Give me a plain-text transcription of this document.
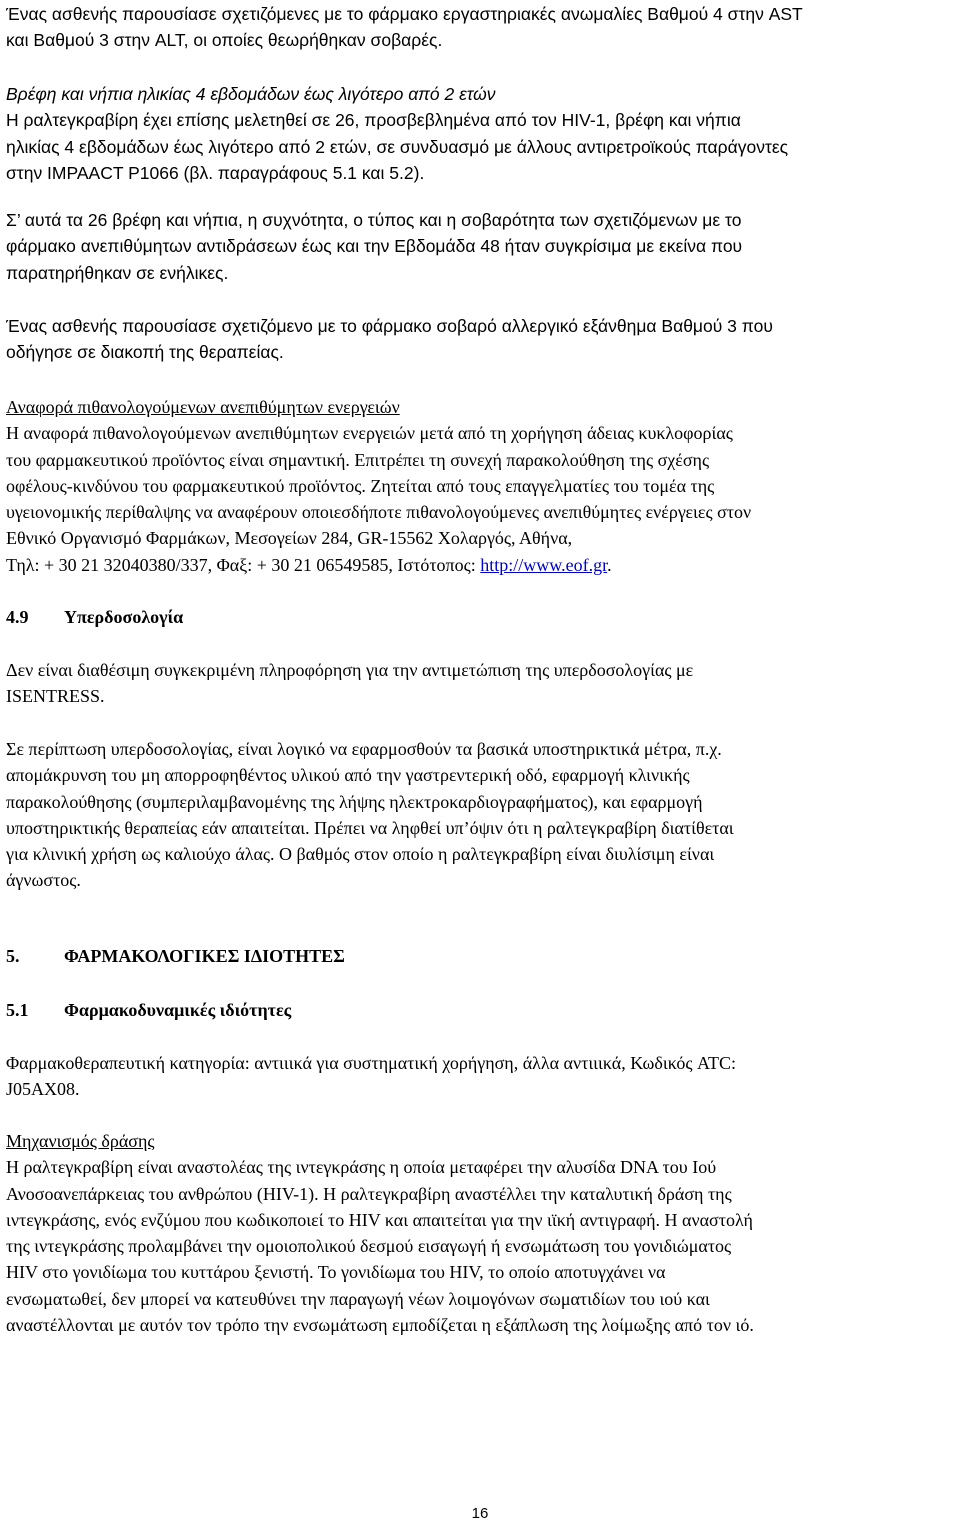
Ένας ασθενής παρουσίασε σχετιζόμενες με το φάρμακο εργαστηριακές ανωμαλίες Βαθμού 4 στην AST
και Βαθμού 3 στην ALT, οι οποίες θεωρήθηκαν σοβαρές.
Βρέφη και νήπια ηλικίας 4 εβδομάδων έως λιγότερο από 2 ετών
Η ραλτεγκραβίρη έχει επίσης μελετηθεί σε 26, προσβεβλημένα από τον HIV-1, βρέφη και νήπια
ηλικίας 4 εβδομάδων έως λιγότερο από 2 ετών, σε συνδυασμό με άλλους αντιρετροϊκούς παράγοντες
στην IMPAACT P1066 (βλ. παραγράφους 5.1 και 5.2).
Σ’ αυτά τα 26 βρέφη και νήπια, η συχνότητα, ο τύπος και η σοβαρότητα των σχετιζόμενων με το
φάρμακο ανεπιθύμητων αντιδράσεων έως και την Εβδομάδα 48 ήταν συγκρίσιμα με εκείνα που
παρατηρήθηκαν σε ενήλικες.
Ένας ασθενής παρουσίασε σχετιζόμενο με το φάρμακο σοβαρό αλλεργικό εξάνθημα Βαθμού 3 που
οδήγησε σε διακοπή της θεραπείας.
Αναφορά πιθανολογούμενων ανεπιθύμητων ενεργειών
Η αναφορά πιθανολογούμενων ανεπιθύμητων ενεργειών μετά από τη χορήγηση άδειας κυκλοφορίας
του φαρμακευτικού προϊόντος είναι σημαντική. Επιτρέπει τη συνεχή παρακολούθηση της σχέσης
οφέλους-κινδύνου του φαρμακευτικού προϊόντος. Ζητείται από τους επαγγελματίες του τομέα της
υγειονομικής περίθαλψης να αναφέρουν οποιεσδήποτε πιθανολογούμενες ανεπιθύμητες ενέργειες στον
Εθνικό Οργανισμό Φαρμάκων, Μεσογείων 284, GR-15562 Χολαργός, Αθήνα,
Τηλ: + 30 21 32040380/337, Φαξ: + 30 21 06549585, Ιστότοπος: http://www.eof.gr.
4.9 Υπερδοσολογία
Δεν είναι διαθέσιμη συγκεκριμένη πληροφόρηση για την αντιμετώπιση της υπερδοσολογίας με
ISENTRESS.
Σε περίπτωση υπερδοσολογίας, είναι λογικό να εφαρμοσθούν τα βασικά υποστηρικτικά μέτρα, π.χ.
απομάκρυνση του μη απορροφηθέντος υλικού από την γαστρεντερική οδό, εφαρμογή κλινικής
παρακολούθησης (συμπεριλαμβανομένης της λήψης ηλεκτροκαρδιογραφήματος), και εφαρμογή
υποστηρικτικής θεραπείας εάν απαιτείται. Πρέπει να ληφθεί υπ’όψιν ότι η ραλτεγκραβίρη διατίθεται
για κλινική χρήση ως καλιούχο άλας. Ο βαθμός στον οποίο η ραλτεγκραβίρη είναι διυλίσιμη είναι
άγνωστος.
5. ΦΑΡΜΑΚΟΛΟΓΙΚΕΣ ΙΔΙΟΤΗΤΕΣ
5.1 Φαρμακοδυναμικές ιδιότητες
Φαρμακοθεραπευτική κατηγορία: αντιιικά για συστηματική χορήγηση, άλλα αντιιικά, Κωδικός ATC:
J05AX08.
Μηχανισμός δράσης
Η ραλτεγκραβίρη είναι αναστολέας της ιντεγκράσης η οποία μεταφέρει την αλυσίδα DNA του Ιού
Ανοσοανεπάρκειας του ανθρώπου (HIV-1). Η ραλτεγκραβίρη αναστέλλει την καταλυτική δράση της
ιντεγκράσης, ενός ενζύμου που κωδικοποιεί το HIV και απαιτείται για την ιϊκή αντιγραφή. Η αναστολή
της ιντεγκράσης προλαμβάνει την ομοιοπολικού δεσμού εισαγωγή ή ενσωμάτωση του γονιδιώματος
HIV στο γονιδίωμα του κυττάρου ξενιστή. Το γονιδίωμα του HIV, το οποίο αποτυγχάνει να
ενσωματωθεί, δεν μπορεί να κατευθύνει την παραγωγή νέων λοιμογόνων σωματιδίων του ιού και
αναστέλλονται με αυτόν τον τρόπο την ενσωμάτωση εμποδίζεται η εξάπλωση της λοίμωξης από τον ιό.
16
